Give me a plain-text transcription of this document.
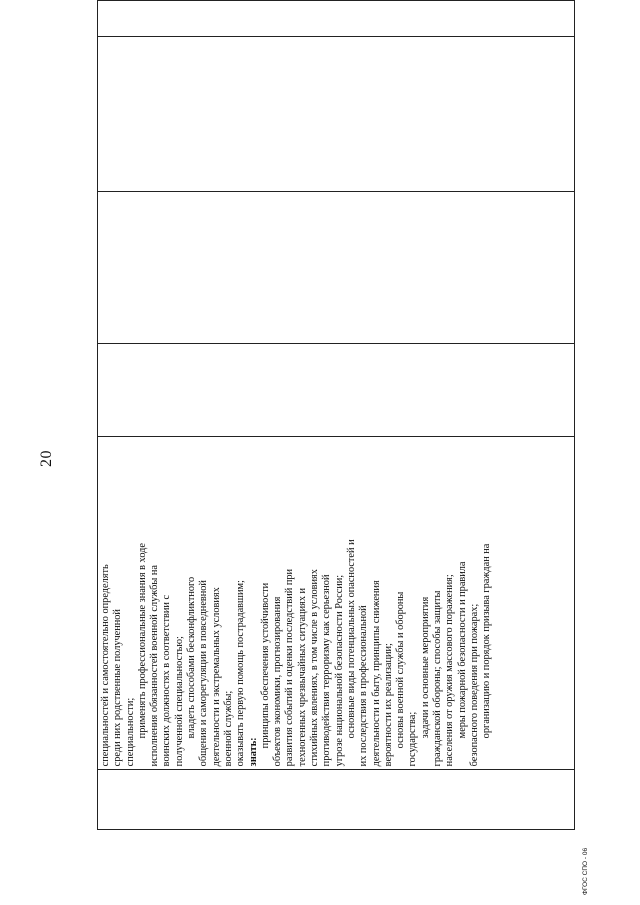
20

специальностей и самостоятельно определять среди них родственные полученной специальности; применять профессиональные знания в ходе исполнения обязанностей военной службы на воинских должностях в соответствии с полученной специальностью; владеть способами бесконфликтного общения и саморегуляции в повседневной деятельности и экстремальных условиях военной службы; оказывать первую помощь пострадавшим; знать:
принципы обеспечения устойчивости объектов экономики, прогнозирования развития событий и оценки последствий при техногенных чрезвычайных ситуациях и стихийных явлениях, в том числе в условиях противодействия терроризму как серьезной угрозе национальной безопасности России; основные виды потенциальных опасностей и их последствия в профессиональной деятельности и быту, принципы снижения вероятности их реализации; основы военной службы и обороны государства;
задачи и основные мероприятия гражданской обороны; способы защиты населения от оружия массового поражения; меры пожарной безопасности и правила безопасного поведения при пожарах; организацию и порядок призыва граждан на

ФГОС СПО - 06
